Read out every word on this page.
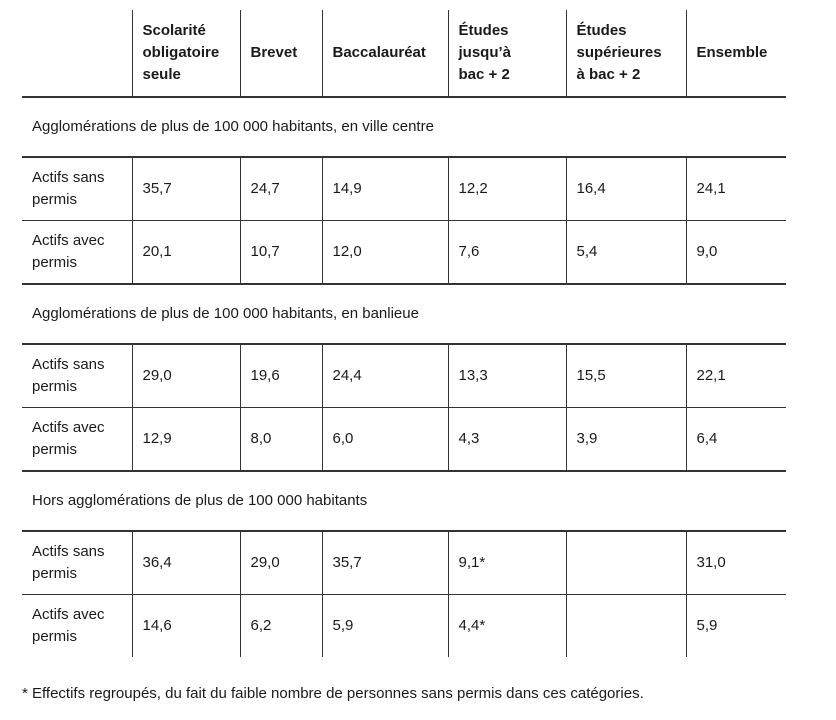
	Scolarité
obligatoire
seule	Brevet	Baccalauréat	Études
jusqu’à
bac + 2	Études
supérieures
à bac + 2	Ensemble
Agglomérations de plus de 100 000 habitants, en ville centre						
Actifs sans
permis	35,7	24,7	14,9	12,2	16,4	24,1
Actifs avec
permis	20,1	10,7	12,0	7,6	5,4	9,0
Agglomérations de plus de 100 000 habitants, en banlieue						
Actifs sans
permis	29,0	19,6	24,4	13,3	15,5	22,1
Actifs avec
permis	12,9	8,0	6,0	4,3	3,9	6,4
Hors agglomérations de plus de 100 000 habitants						
Actifs sans
permis	36,4	29,0	35,7	9,1*		31,0
Actifs avec
permis	14,6	6,2	5,9	4,4*		5,9
* Effectifs regroupés, du fait du faible nombre de personnes sans permis dans ces catégories.
